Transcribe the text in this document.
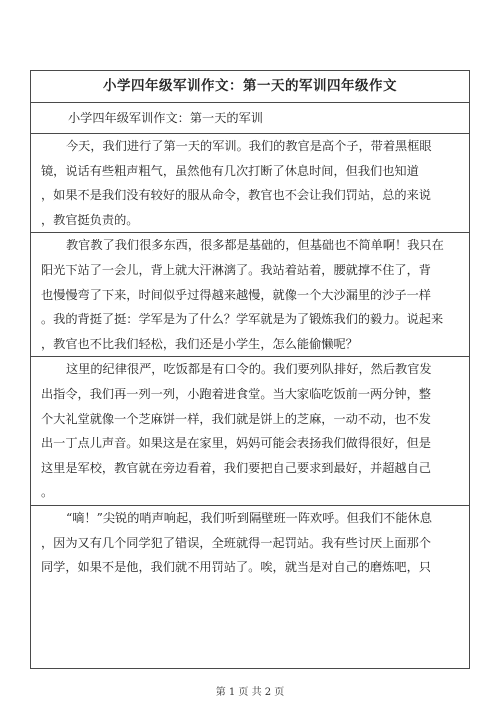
小学四年级军训作文：第一天的军训四年级作文
小学四年级军训作文：第一天的军训
今天，我们进行了第一天的军训。我们的教官是高个子，带着黑框眼
镜，说话有些粗声粗气，虽然他有几次打断了休息时间，但我们也知道
，如果不是我们没有较好的服从命令，教官也不会让我们罚站，总的来说
，教官挺负责的。
教官教了我们很多东西，很多都是基础的，但基础也不简单啊！我只在
阳光下站了一会儿，背上就大汗淋漓了。我站着站着，腰就撑不住了，背
也慢慢弯了下来，时间似乎过得越来越慢，就像一个大沙漏里的沙子一样
。我的背挺了挺：学军是为了什么？学军就是为了锻炼我们的毅力。说起来
，教官也不比我们轻松，我们还是小学生，怎么能偷懒呢？
这里的纪律很严，吃饭都是有口令的。我们要列队排好，然后教官发
出指令，我们再一列一列，小跑着进食堂。当大家临吃饭前一两分钟，整
个大礼堂就像一个芝麻饼一样，我们就是饼上的芝麻，一动不动，也不发
出一丁点儿声音。如果这是在家里，妈妈可能会表扬我们做得很好，但是
这里是军校，教官就在旁边看着，我们要把自己要求到最好，并超越自己
。
“嘀！”尖锐的哨声响起，我们听到隔壁班一阵欢呼。但我们不能休息
，因为又有几个同学犯了错误，全班就得一起罚站。我有些讨厌上面那个
同学，如果不是他，我们就不用罚站了。唉，就当是对自己的磨炼吧，只
第 1 页 共 2 页
